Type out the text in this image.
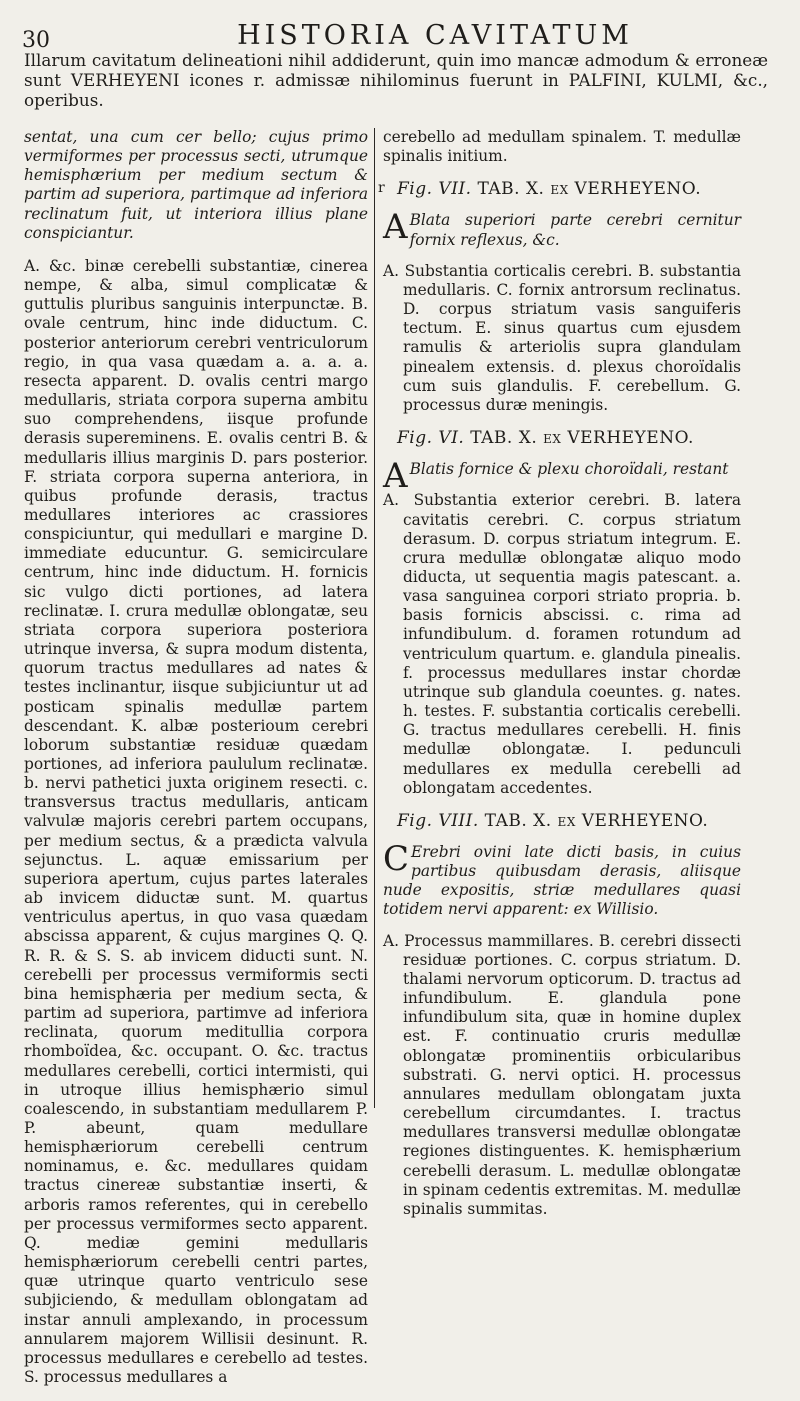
30	HISTORIA CAVITATUM
Illarum cavitatum delineationi nihil addiderunt, quin imo mancæ admodum & erroneæ sunt VERHEYENI icones r. admissæ nihilominus fuerunt in PALFINI, KULMI, &c., operibus.

sentat, una cum cer bello; cujus primo vermiformes per processus secti, utrumque hemisphærium per medium sectum & partim ad superiora, partimque ad inferiora reclinatum fuit, ut interiora illius plane conspiciantur.

A. &c. binæ cerebelli substantiæ, cinerea nempe, & alba, simul complicatæ & guttulis pluribus sanguinis interpunctæ. B. ovale centrum, hinc inde diductum. C. posterior anteriorum cerebri ventriculorum regio, in qua vasa quædam a. a. a. a. resecta apparent. D. ovalis centri margo medullaris, striata corpora superna ambitu suo comprehendens, iisque profunde derasis supereminens. E. ovalis centri B. & medullaris illius marginis D. pars posterior. F. striata corpora superna anteriora, in quibus profunde derasis, tractus medullares interiores ac crassiores conspiciuntur, qui medullari e margine D. immediate educuntur. G. semicirculare centrum, hinc inde diductum. H. fornicis sic vulgo dicti portiones, ad latera reclinatæ. I. crura medullæ oblongatæ, seu striata corpora superiora posteriora utrinque inversa, & supra modum distenta, quorum tractus medullares ad nates & testes inclinantur, iisque subjiciuntur ut ad posticam spinalis medullæ partem descendant. K. albæ posterioum cerebri loborum substantiæ residuæ quædam portiones, ad inferiora paululum reclinatæ. b. nervi pathetici juxta originem resecti. c. transversus tractus medullaris, anticam valvulæ majoris cerebri partem occupans, per medium sectus, & a prædicta valvula sejunctus. L. aquæ emissarium per superiora apertum, cujus partes laterales ab invicem diductæ sunt. M. quartus ventriculus apertus, in quo vasa quædam abscissa apparent, & cujus margines Q. Q. R. R. & S. S. ab invicem diducti sunt. N. cerebelli per processus vermiformis secti bina hemisphæria per medium secta, & partim ad superiora, partimve ad inferiora reclinata, quorum meditullia corpora rhomboïdea, &c. occupant. O. &c. tractus medullares cerebelli, cortici intermisti, qui in utroque illius hemisphærio simul coalescendo, in substantiam medullarem P. P. abeunt, quam medullare hemisphæriorum cerebelli centrum nominamus, e. &c. medullares quidam tractus cinereæ substantiæ inserti, & arboris ramos referentes, qui in cerebello per processus vermiformes secto apparent. Q. mediæ gemini medullaris hemisphæriorum cerebelli centri partes, quæ utrinque quarto ventriculo sese subjiciendo, & medullam oblongatam ad instar annuli amplexando, in processum annularem majorem Willisii desinunt. R. processus medullares e cerebello ad testes. S. processus medullares a

r

cerebello ad medullam spinalem. T. medullæ spinalis initium.

Fig. VII. TAB. X. ex VERHEYENO.
A Blata superiori parte cerebri cernitur fornix reflexus, &c.

A. Substantia corticalis cerebri. B. substantia medullaris. C. fornix antrorsum reclinatus. D. corpus striatum vasis sanguiferis tectum. E. sinus quartus cum ejusdem ramulis & arteriolis supra glandulam pinealem extensis. d. plexus choroïdalis cum suis glandulis. F. cerebellum. G. processus duræ meningis.

Fig. VI. TAB. X. ex VERHEYENO.
A Blatis fornice & plexu choroïdali, restant

A. Substantia exterior cerebri. B. latera cavitatis cerebri. C. corpus striatum derasum. D. corpus striatum integrum. E. crura medullæ oblongatæ aliquo modo diducta, ut sequentia magis patescant. a. vasa sanguinea corpori striato propria. b. basis fornicis abscissi. c. rima ad infundibulum. d. foramen rotundum ad ventriculum quartum. e. glandula pinealis. f. processus medullares instar chordæ utrinque sub glandula coeuntes. g. nates. h. testes. F. substantia corticalis cerebelli. G. tractus medullares cerebelli. H. finis medullæ oblongatæ. I. pedunculi medullares ex medulla cerebelli ad oblongatam accedentes.

Fig. VIII. TAB. X. ex VERHEYENO.
C Erebri ovini late dicti basis, in cuius partibus quibusdam derasis, aliisque nude expositis, striæ medullares quasi totidem nervi apparent: ex Willisio.

A. Processus mammillares. B. cerebri dissecti residuæ portiones. C. corpus striatum. D. thalami nervorum opticorum. D. tractus ad infundibulum. E. glandula pone infundibulum sita, quæ in homine duplex est. F. continuatio cruris medullæ oblongatæ prominentiis orbicularibus substrati. G. nervi optici. H. processus annulares medullam oblongatam juxta cerebellum circumdantes. I. tractus medullares transversi medullæ oblongatæ regiones distinguentes. K. hemisphærium cerebelli derasum. L. medullæ oblongatæ in spinam cedentis extremitas. M. medullæ spinalis summitas.
